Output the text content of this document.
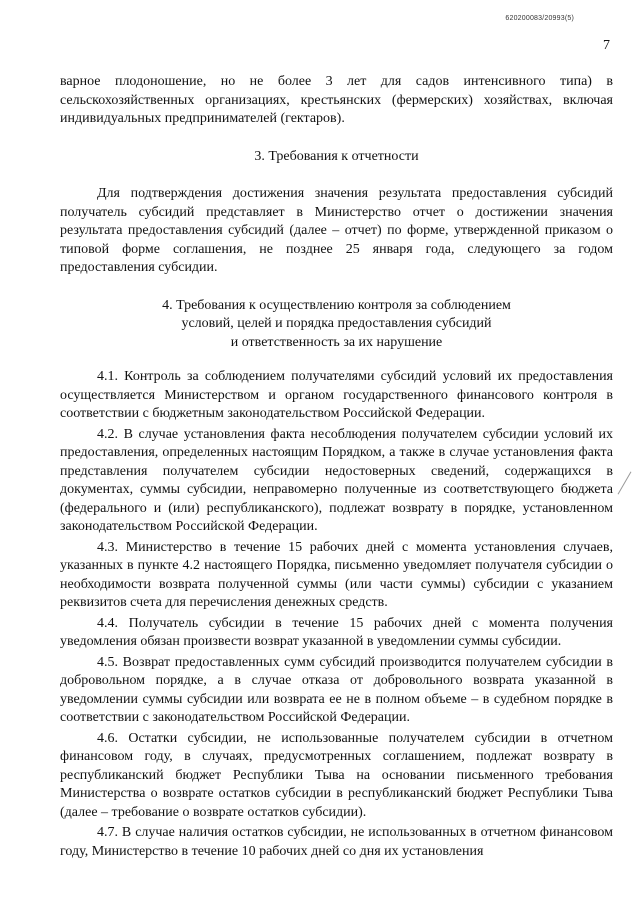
620200083/20993(5)
7

варное плодоношение, но не более 3 лет для садов интенсивного типа) в сельскохозяйственных организациях, крестьянских (фермерских) хозяйствах, включая индивидуальных предпринимателей (гектаров).

3. Требования к отчетности

Для подтверждения достижения значения результата предоставления субсидий получатель субсидий представляет в Министерство отчет о достижении значения результата предоставления субсидий (далее – отчет) по форме, утвержденной приказом о типовой форме соглашения, не позднее 25 января года, следующего за годом предоставления субсидии.

4. Требования к осуществлению контроля за соблюдением

условий, целей и порядка предоставления субсидий

и ответственность за их нарушение

4.1. Контроль за соблюдением получателями субсидий условий их предоставления осуществляется Министерством и органом государственного финансового контроля в соответствии с бюджетным законодательством Российской Федерации.

4.2. В случае установления факта несоблюдения получателем субсидии условий их предоставления, определенных настоящим Порядком, а также в случае установления факта представления получателем субсидии недостоверных сведений, содержащихся в документах, суммы субсидии, неправомерно полученные из соответствующего бюджета (федерального и (или) республиканского), подлежат возврату в порядке, установленном законодательством Российской Федерации.

4.3. Министерство в течение 15 рабочих дней с момента установления случаев, указанных в пункте 4.2 настоящего Порядка, письменно уведомляет получателя субсидии о необходимости возврата полученной суммы (или части суммы) субсидии с указанием реквизитов счета для перечисления денежных средств.

4.4. Получатель субсидии в течение 15 рабочих дней с момента получения уведомления обязан произвести возврат указанной в уведомлении суммы субсидии.

4.5. Возврат предоставленных сумм субсидий производится получателем субсидии в добровольном порядке, а в случае отказа от добровольного возврата указанной в уведомлении суммы субсидии или возврата ее не в полном объеме – в судебном порядке в соответствии с законодательством Российской Федерации.

4.6. Остатки субсидии, не использованные получателем субсидии в отчетном финансовом году, в случаях, предусмотренных соглашением, подлежат возврату в республиканский бюджет Республики Тыва на основании письменного требования Министерства о возврате остатков субсидии в республиканский бюджет Республики Тыва (далее – требование о возврате остатков субсидии).

4.7. В случае наличия остатков субсидии, не использованных в отчетном финансовом году, Министерство в течение 10 рабочих дней со дня их установления
